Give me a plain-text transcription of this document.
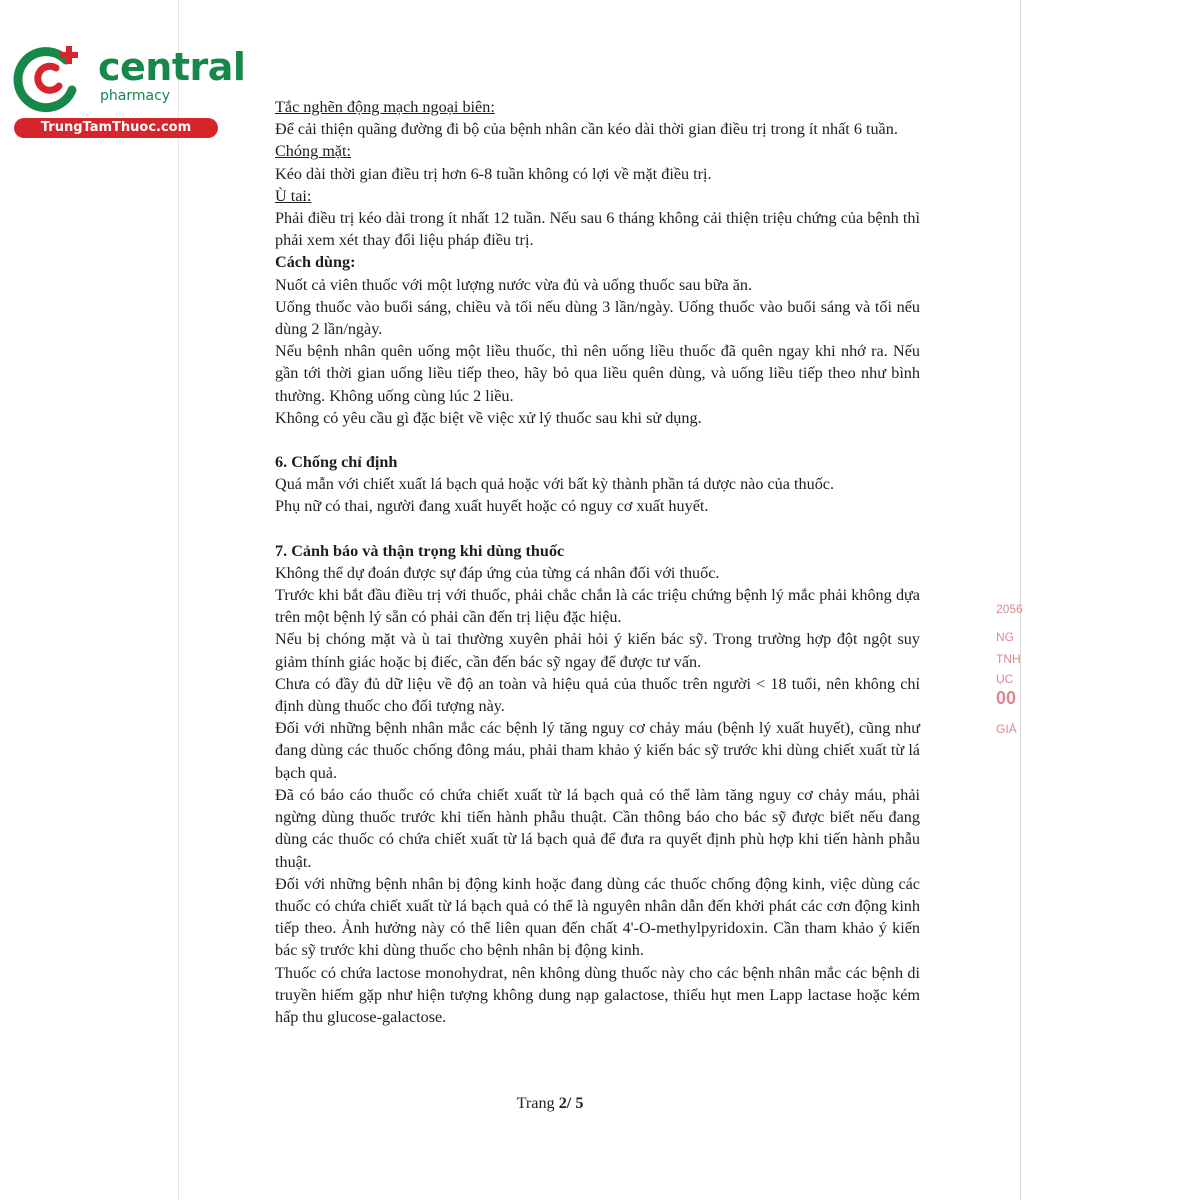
central
pharmacy
TrungTamThuoc.com

Tắc nghẽn động mạch ngoại biên:

Để cải thiện quãng đường đi bộ của bệnh nhân cần kéo dài thời gian điều trị trong ít nhất 6 tuần.

Chóng mặt:

Kéo dài thời gian điều trị hơn 6-8 tuần không có lợi về mặt điều trị.

Ù tai:

Phải điều trị kéo dài trong ít nhất 12 tuần. Nếu sau 6 tháng không cải thiện triệu chứng của bệnh thì phải xem xét thay đổi liệu pháp điều trị.

Cách dùng:

Nuốt cả viên thuốc với một lượng nước vừa đủ và uống thuốc sau bữa ăn.

Uống thuốc vào buổi sáng, chiều và tối nếu dùng 3 lần/ngày. Uống thuốc vào buổi sáng và tối nếu dùng 2 lần/ngày.

Nếu bệnh nhân quên uống một liều thuốc, thì nên uống liều thuốc đã quên ngay khi nhớ ra. Nếu gần tới thời gian uống liều tiếp theo, hãy bỏ qua liều quên dùng, và uống liều tiếp theo như bình thường. Không uống cùng lúc 2 liều.

Không có yêu cầu gì đặc biệt về việc xử lý thuốc sau khi sử dụng.

6. Chống chỉ định

Quá mẫn với chiết xuất lá bạch quả hoặc với bất kỳ thành phần tá dược nào của thuốc.

Phụ nữ có thai, người đang xuất huyết hoặc có nguy cơ xuất huyết.

7. Cảnh báo và thận trọng khi dùng thuốc

Không thể dự đoán được sự đáp ứng của từng cá nhân đối với thuốc.

Trước khi bắt đầu điều trị với thuốc, phải chắc chắn là các triệu chứng bệnh lý mắc phải không dựa trên một bệnh lý sẵn có phải cần đến trị liệu đặc hiệu.

Nếu bị chóng mặt và ù tai thường xuyên phải hỏi ý kiến bác sỹ. Trong trường hợp đột ngột suy giảm thính giác hoặc bị điếc, cần đến bác sỹ ngay để được tư vấn.

Chưa có đầy đủ dữ liệu về độ an toàn và hiệu quả của thuốc trên người < 18 tuổi, nên không chỉ định dùng thuốc cho đối tượng này.

Đối với những bệnh nhân mắc các bệnh lý tăng nguy cơ chảy máu (bệnh lý xuất huyết), cũng như đang dùng các thuốc chống đông máu, phải tham khảo ý kiến bác sỹ trước khi dùng chiết xuất từ lá bạch quả.

Đã có báo cáo thuốc có chứa chiết xuất từ lá bạch quả có thể làm tăng nguy cơ chảy máu, phải ngừng dùng thuốc trước khi tiến hành phẫu thuật. Cần thông báo cho bác sỹ được biết nếu đang dùng các thuốc có chứa chiết xuất từ lá bạch quả để đưa ra quyết định phù hợp khi tiến hành phẫu thuật.

Đối với những bệnh nhân bị động kinh hoặc đang dùng các thuốc chống động kinh, việc dùng các thuốc có chứa chiết xuất từ lá bạch quả có thể là nguyên nhân dẫn đến khởi phát các cơn động kinh tiếp theo. Ảnh hưởng này có thể liên quan đến chất 4'-O-methylpyridoxin. Cần tham khảo ý kiến bác sỹ trước khi dùng thuốc cho bệnh nhân bị động kinh.

Thuốc có chứa lactose monohydrat, nên không dùng thuốc này cho các bệnh nhân mắc các bệnh di truyền hiếm gặp như hiện tượng không dung nạp galactose, thiếu hụt men Lapp lactase hoặc kém hấp thu glucose-galactose.

Trang 2/ 5
2056
NG
TNH
ỤC
00
GIÁ
